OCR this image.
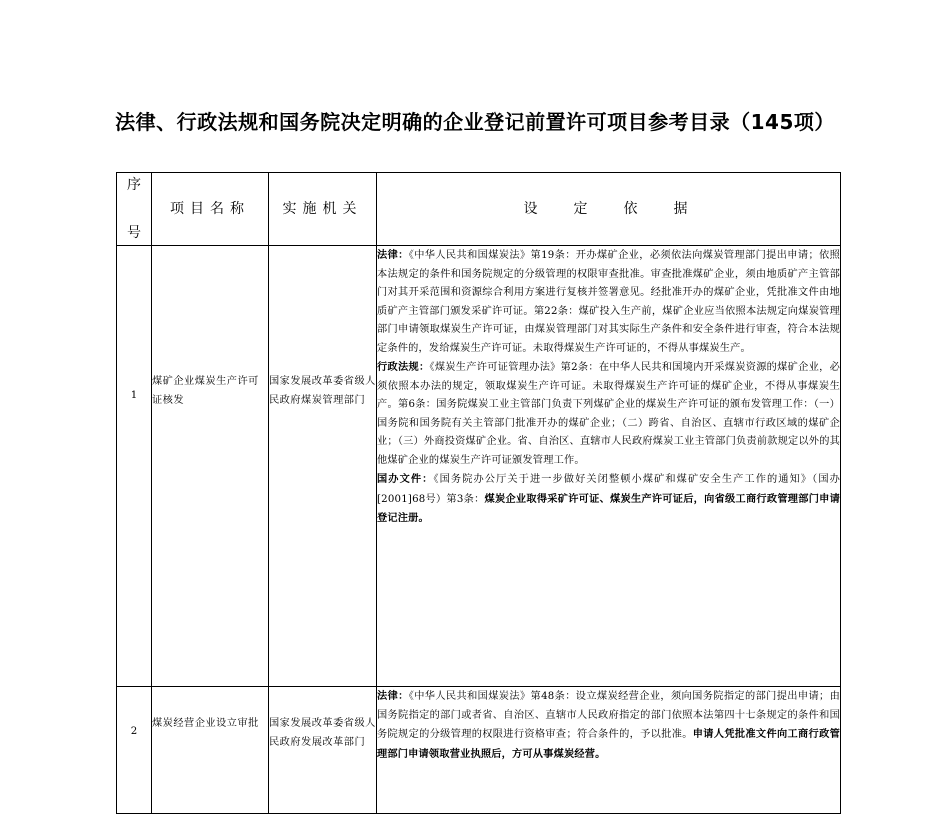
法律、行政法规和国务院决定明确的企业登记前置许可项目参考目录（145项）
序

号	项目名称	实施机关	设定依据
1	煤矿企业煤炭生产许可证核发	国家发展改革委省级人民政府煤炭管理部门	法律：《中华人民共和国煤炭法》第19条：开办煤矿企业，必须依法向煤炭管理部门提出申请；依照本法规定的条件和国务院规定的分级管理的权限审查批准。审查批准煤矿企业，须由地质矿产主管部门对其开采范围和资源综合利用方案进行复核并签署意见。经批准开办的煤矿企业，凭批准文件由地质矿产主管部门颁发采矿许可证。第22条：煤矿投入生产前，煤矿企业应当依照本法规定向煤炭管理部门申请领取煤炭生产许可证，由煤炭管理部门对其实际生产条件和安全条件进行审查，符合本法规定条件的，发给煤炭生产许可证。未取得煤炭生产许可证的，不得从事煤炭生产。
行政法规：《煤炭生产许可证管理办法》第2条：在中华人民共和国境内开采煤炭资源的煤矿企业，必须依照本办法的规定，领取煤炭生产许可证。未取得煤炭生产许可证的煤矿企业，不得从事煤炭生产。第6条：国务院煤炭工业主管部门负责下列煤矿企业的煤炭生产许可证的颁布发管理工作：（一）国务院和国务院有关主管部门批准开办的煤矿企业；（二）跨省、自治区、直辖市行政区域的煤矿企业；（三）外商投资煤矿企业。省、自治区、直辖市人民政府煤炭工业主管部门负责前款规定以外的其他煤矿企业的煤炭生产许可证颁发管理工作。
国办文件：《国务院办公厅关于进一步做好关闭整顿小煤矿和煤矿安全生产工作的通知》（国办[2001]68号）第3条：煤炭企业取得采矿许可证、煤炭生产许可证后，向省级工商行政管理部门申请登记注册。

2	煤炭经营企业设立审批	国家发展改革委省级人民政府发展改革部门	法律：《中华人民共和国煤炭法》第48条：设立煤炭经营企业，须向国务院指定的部门提出申请；由国务院指定的部门或者省、自治区、直辖市人民政府指定的部门依照本法第四十七条规定的条件和国务院规定的分级管理的权限进行资格审查；符合条件的，予以批准。申请人凭批准文件向工商行政管理部门申请领取营业执照后，方可从事煤炭经营。
